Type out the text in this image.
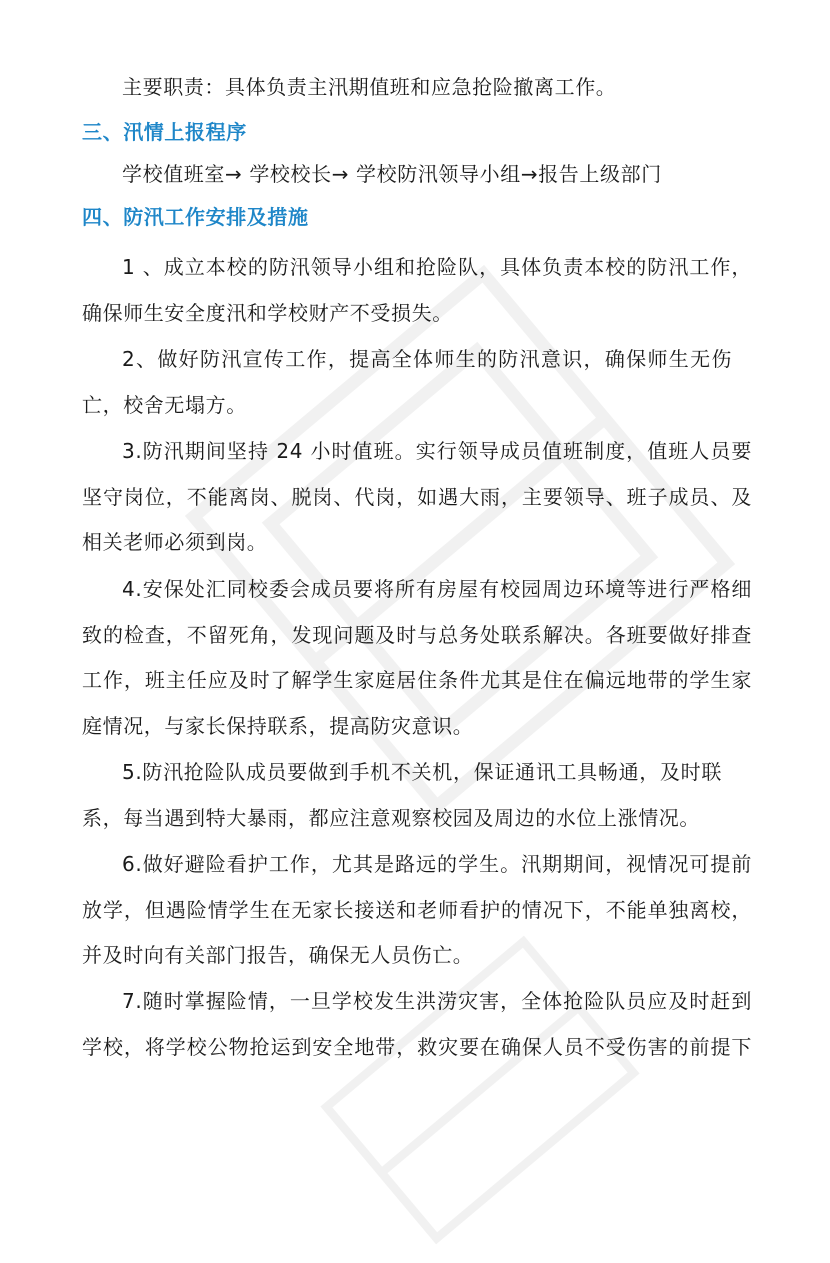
主要职责：具体负责主汛期值班和应急抢险撤离工作。
三、汛情上报程序
学校值班室→ 学校校长→ 学校防汛领导小组→报告上级部门
四、防汛工作安排及措施
1 、成立本校的防汛领导小组和抢险队，具体负责本校的防汛工作，
确保师生安全度汛和学校财产不受损失。
2、做好防汛宣传工作，提高全体师生的防汛意识，确保师生无伤
亡，校舍无塌方。
3.防汛期间坚持 24 小时值班。实行领导成员值班制度，值班人员要
坚守岗位，不能离岗、脱岗、代岗，如遇大雨，主要领导、班子成员、及
相关老师必须到岗。
4.安保处汇同校委会成员要将所有房屋有校园周边环境等进行严格细
致的检查，不留死角，发现问题及时与总务处联系解决。各班要做好排查
工作，班主任应及时了解学生家庭居住条件尤其是住在偏远地带的学生家
庭情况，与家长保持联系，提高防灾意识。
5.防汛抢险队成员要做到手机不关机，保证通讯工具畅通，及时联
系，每当遇到特大暴雨，都应注意观察校园及周边的水位上涨情况。
6.做好避险看护工作，尤其是路远的学生。汛期期间，视情况可提前
放学，但遇险情学生在无家长接送和老师看护的情况下，不能单独离校，
并及时向有关部门报告，确保无人员伤亡。
7.随时掌握险情，一旦学校发生洪涝灾害，全体抢险队员应及时赶到
学校，将学校公物抢运到安全地带，救灾要在确保人员不受伤害的前提下
